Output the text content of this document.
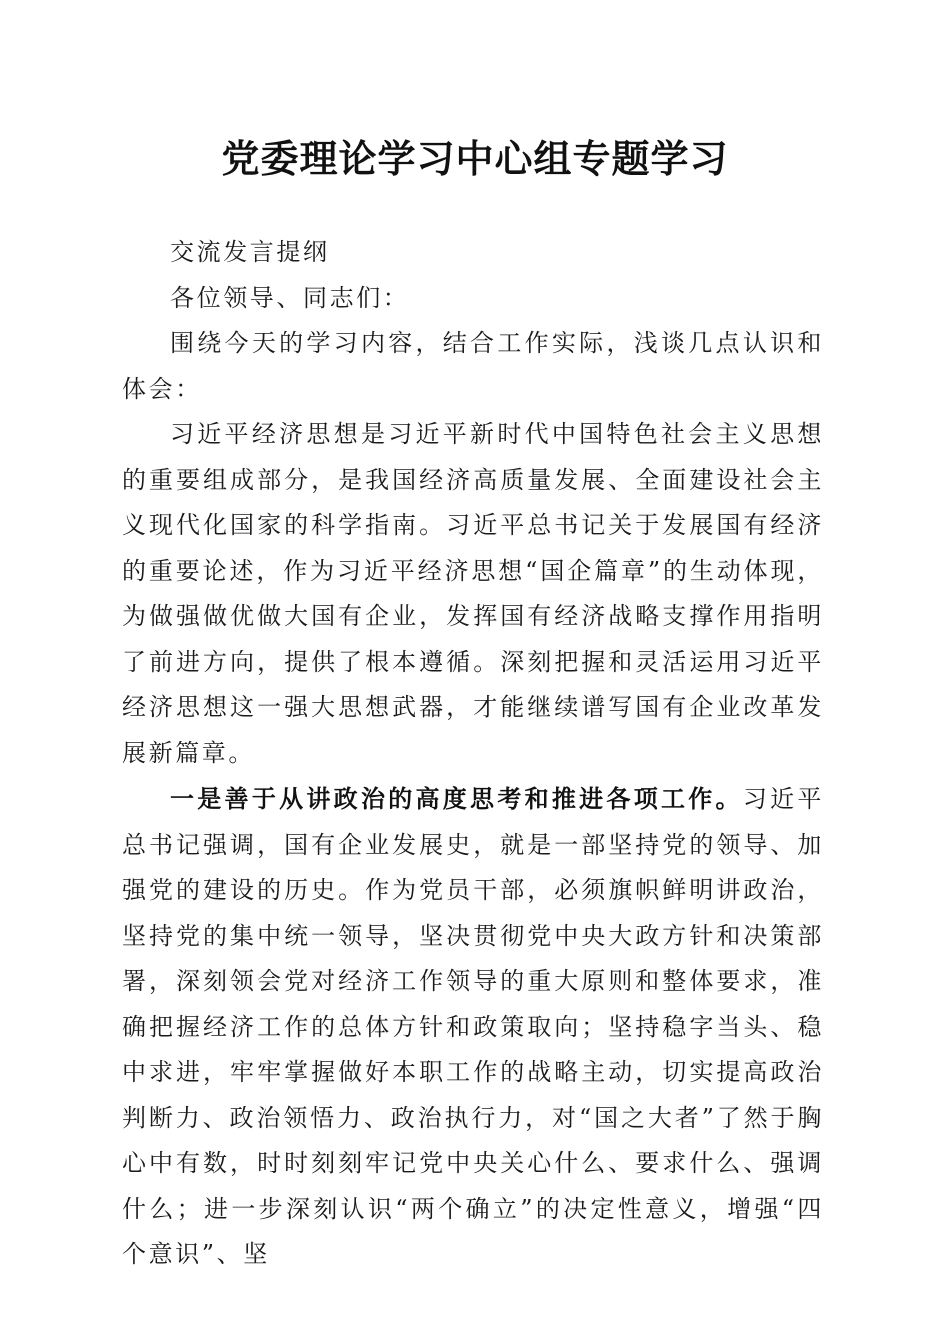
党委理论学习中心组专题学习

交流发言提纲

各位领导、同志们：

围绕今天的学习内容，结合工作实际，浅谈几点认识和体会：

习近平经济思想是习近平新时代中国特色社会主义思想的重要组成部分，是我国经济高质量发展、全面建设社会主义现代化国家的科学指南。习近平总书记关于发展国有经济的重要论述，作为习近平经济思想“国企篇章”的生动体现，为做强做优做大国有企业，发挥国有经济战略支撑作用指明了前进方向，提供了根本遵循。深刻把握和灵活运用习近平经济思想这一强大思想武器，才能继续谱写国有企业改革发展新篇章。

一是善于从讲政治的高度思考和推进各项工作。习近平总书记强调，国有企业发展史，就是一部坚持党的领导、加强党的建设的历史。作为党员干部，必须旗帜鲜明讲政治，坚持党的集中统一领导，坚决贯彻党中央大政方针和决策部署，深刻领会党对经济工作领导的重大原则和整体要求，准确把握经济工作的总体方针和政策取向；坚持稳字当头、稳中求进，牢牢掌握做好本职工作的战略主动，切实提高政治判断力、政治领悟力、政治执行力，对“国之大者”了然于胸心中有数，时时刻刻牢记党中央关心什么、要求什么、强调什么；进一步深刻认识“两个确立”的决定性意义，增强“四个意识”、坚
